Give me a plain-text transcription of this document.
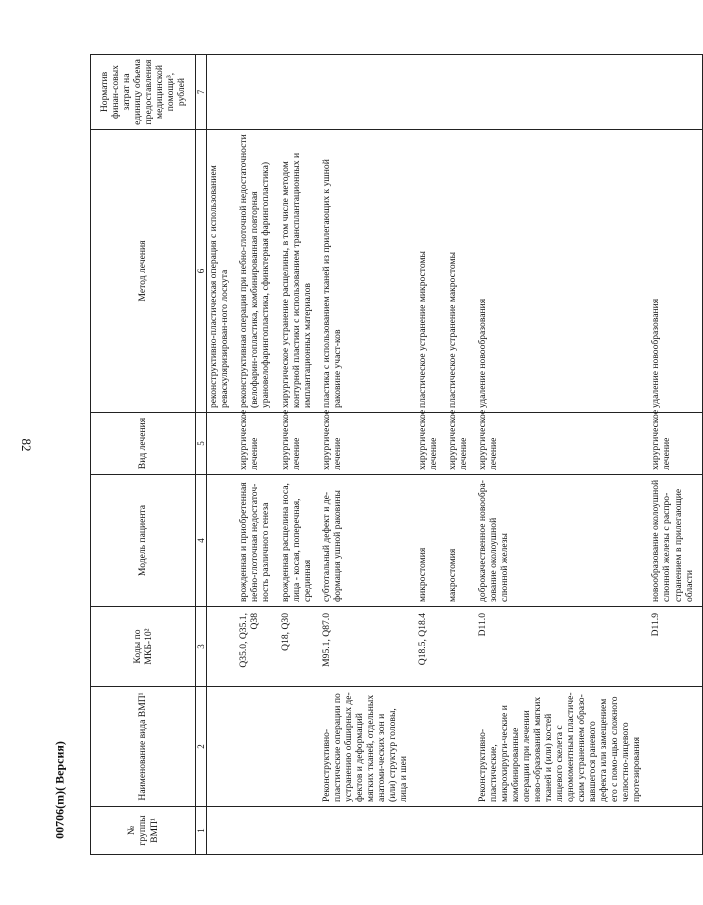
82
№ группы ВМП¹	Наименование вида ВМП¹	Коды по МКБ-10²	Модель пациента	Вид лечения	Метод лечения	Норматив финан-совых затрат на единицу объема предоставления медицинской помощи³, рублей
1	2	3	4	5	6	7
					реконструктивно-пластическая операция с использованием реваскуляризирован-ного лоскута	

		Q35.0, Q35.1, Q38	врожденная и приобретенная небно-глоточная недостаточ-ность различного генеза	хирургическое лечение	реконструктивная операция при небно-глоточной недостаточности (велофарин-гопластика, комбинированная повторная урановелофарингопластика, сфинктерная фарингопластика)	

		Q18, Q30	врожденная расщелина носа, лица - косая, поперечная, срединная	хирургическое лечение	хирургическое устранение расщелины, в том числе методом контурной пластики с использованием трансплантационных и имплантационных материалов	

	Реконструктивно-пластические операции по устранению обширных де-фектов и деформаций мягких тканей, отдельных анатоми-ческих зон и (или) структур головы, лица и шеи	M95.1, Q87.0	субтотальный дефект и де-формация ушной раковины	хирургическое лечение	пластика с использованием тканей из прилегающих к ушной раковине участ-ков	

		Q18.5, Q18.4	микростомия	хирургическое лечение	пластическое устранение микростомы	

			макростомия	хирургическое лечение	пластическое устранение макростомы	

	Реконструктивно-пластические, микрохирурги-ческие и комбинированные операции при лечении ново-образований мягких тканей и (или) костей лицевого скелета с одномоментным пластиче-ским устранением образо-вавшегося раневого дефекта или замещением его с помо-щью сложного челюстно-лицевого протезирования	D11.0	доброкачественное новообра-зование околоушной слюнной железы	хирургическое лечение	удаление новообразования	

		D11.9	новообразование околоушной слюнной железы с распро-странением в прилегающие области	хирургическое лечение	удаление новообразования	

00706(m)( Версия)
